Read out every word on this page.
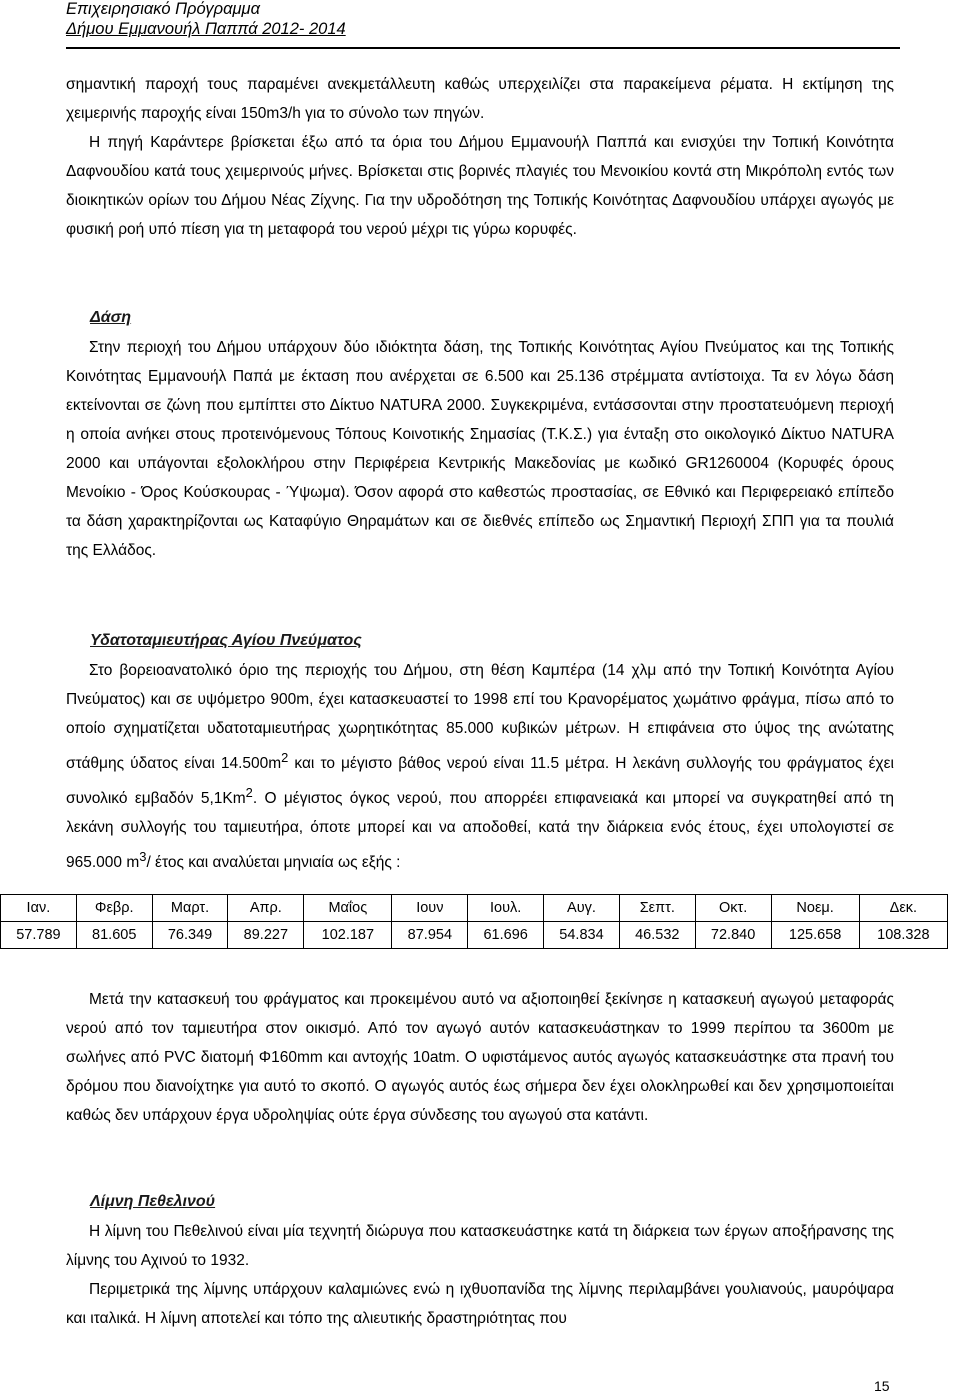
Επιχειρησιακό Πρόγραμμα
Δήμου Εμμανουήλ Παππά 2012- 2014

σημαντική παροχή τους παραμένει ανεκμετάλλευτη καθώς υπερχειλίζει στα παρακείμενα ρέματα. Η εκτίμηση της χειμερινής παροχής είναι 150m3/h για το σύνολο των πηγών.

Η πηγή Καράντερε βρίσκεται έξω από τα όρια του Δήμου Εμμανουήλ Παππά και ενισχύει την Τοπική Κοινότητα Δαφνουδίου κατά τους χειμερινούς μήνες. Βρίσκεται στις βορινές πλαγιές του Μενοικίου κοντά στη Μικρόπολη εντός των διοικητικών ορίων του Δήμου Νέας Ζίχνης. Για την υδροδότηση της Τοπικής Κοινότητας Δαφνουδίου υπάρχει αγωγός με φυσική ροή υπό πίεση για τη μεταφορά του νερού μέχρι τις γύρω κορυφές.

Δάση

Στην περιοχή του Δήμου υπάρχουν δύο ιδιόκτητα δάση, της Τοπικής Κοινότητας Αγίου Πνεύματος και της Τοπικής Κοινότητας Εμμανουήλ Παπά με έκταση που ανέρχεται σε 6.500 και 25.136 στρέμματα αντίστοιχα. Τα εν λόγω δάση εκτείνονται σε ζώνη που εμπίπτει στο Δίκτυο NATURA 2000. Συγκεκριμένα, εντάσσονται στην προστατευόμενη περιοχή η οποία ανήκει στους προτεινόμενους Τόπους Κοινοτικής Σημασίας (Τ.Κ.Σ.) για ένταξη στο οικολογικό Δίκτυο NATURA 2000 και υπάγονται εξολοκλήρου στην Περιφέρεια Κεντρικής Μακεδονίας με κωδικό GR1260004 (Κορυφές όρους Μενοίκιο - Όρος Κούσκουρας - Ύψωμα). Όσον αφορά στο καθεστώς προστασίας, σε Εθνικό και Περιφερειακό επίπεδο τα δάση χαρακτηρίζονται ως Καταφύγιο Θηραμάτων και σε διεθνές επίπεδο ως Σημαντική Περιοχή ΣΠΠ για τα πουλιά της Ελλάδος.

Υδατοταμιευτήρας Αγίου Πνεύματος

Στο βορειοανατολικό όριο της περιοχής του Δήμου, στη θέση Καμπέρα (14 χλμ από την Τοπική Κοινότητα Αγίου Πνεύματος) και σε υψόμετρο 900m, έχει κατασκευαστεί το 1998 επί του Κρανορέματος χωμάτινο φράγμα, πίσω από το οποίο σχηματίζεται υδατοταμιευτήρας χωρητικότητας 85.000 κυβικών μέτρων. Η επιφάνεια στο ύψος της ανώτατης στάθμης ύδατος είναι $14.500m^2$ και το μέγιστο βάθος νερού είναι 11.5 μέτρα. Η λεκάνη συλλογής του φράγματος έχει συνολικό εμβαδόν 5,1Km$^2$. Ο μέγιστος όγκος νερού, που απορρέει επιφανειακά και μπορεί να συγκρατηθεί από τη λεκάνη συλλογής του ταμιευτήρα, όποτε μπορεί και να αποδοθεί, κατά την διάρκεια ενός έτους, έχει υπολογιστεί σε 965.000 $m^3/$ έτος και αναλύεται μηνιαία ως εξής :

Ιαν.	Φεβρ.	Μαρτ.	Απρ.	Μαΐος	Ιουν	Ιουλ.	Αυγ.	Σεπτ.	Οκτ.	Νοεμ.	Δεκ.
57.789	81.605	76.349	89.227	102.187	87.954	61.696	54.834	46.532	72.840	125.658	108.328

Μετά την κατασκευή του φράγματος και προκειμένου αυτό να αξιοποιηθεί ξεκίνησε η κατασκευή αγωγού μεταφοράς νερού από τον ταμιευτήρα στον οικισμό. Από τον αγωγό αυτόν κατασκευάστηκαν το 1999 περίπου τα 3600m με σωλήνες από PVC διατομή Φ160mm και αντοχής 10atm. Ο υφιστάμενος αυτός αγωγός κατασκευάστηκε στα πρανή του δρόμου που διανοίχτηκε για αυτό το σκοπό. Ο αγωγός αυτός έως σήμερα δεν έχει ολοκληρωθεί και δεν χρησιμοποιείται καθώς δεν υπάρχουν έργα υδροληψίας ούτε έργα σύνδεσης του αγωγού στα κατάντι.

Λίμνη Πεθελινού

Η λίμνη του Πεθελινού είναι μία τεχνητή διώρυγα που κατασκευάστηκε κατά τη διάρκεια των έργων αποξήρανσης της λίμνης του Αχινού το 1932.

Περιμετρικά της λίμνης υπάρχουν καλαμιώνες ενώ η ιχθυοπανίδα της λίμνης περιλαμβάνει γουλιανούς, μαυρόψαρα και ιταλικά. Η λίμνη αποτελεί και τόπο της αλιευτικής δραστηριότητας που

15
